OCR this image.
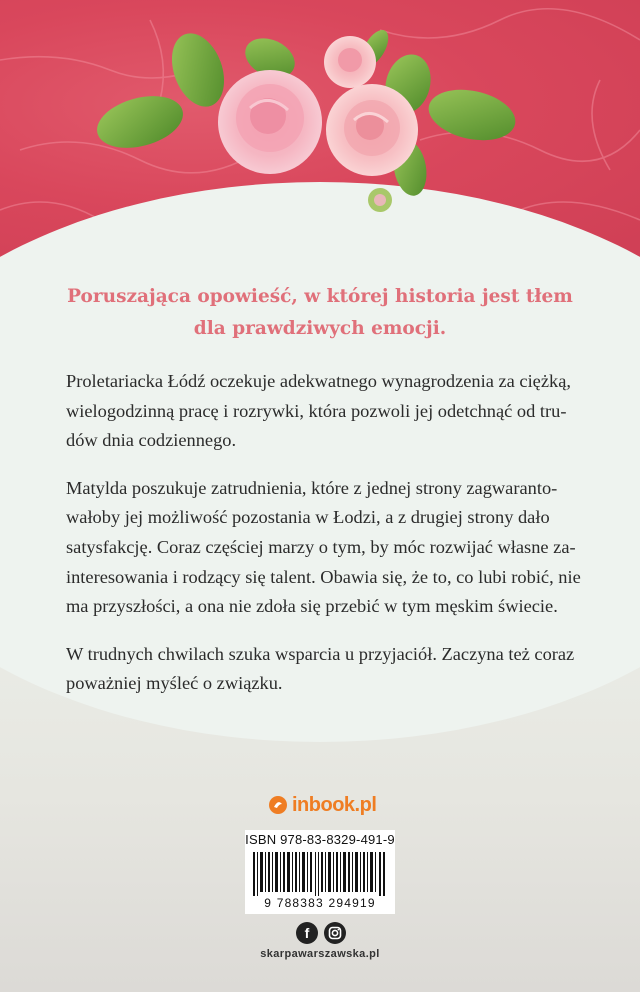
Poruszająca opowieść, w której historia jest tłem
dla prawdziwych emocji.

Proletariacka Łódź oczekuje adekwatnego wynagrodzenia za ciężką,
wielogodzinną pracę i rozrywki, która pozwoli jej odetchnąć od tru-
dów dnia codziennego.

Matylda poszukuje zatrudnienia, które z jednej strony zagwaranto-
wałoby jej możliwość pozostania w Łodzi, a z drugiej strony dało
satysfakcję. Coraz częściej marzy o tym, by móc rozwijać własne za-
interesowania i rodzący się talent. Obawia się, że to, co lubi robić, nie
ma przyszłości, a ona nie zdoła się przebić w tym męskim świecie.

W trudnych chwilach szuka wsparcia u przyjaciół. Zaczyna też coraz
poważniej myśleć o związku.

inbook.pl
ISBN 978-83-8329-491-9
9 788383 294919
f
skarpawarszawska.pl
